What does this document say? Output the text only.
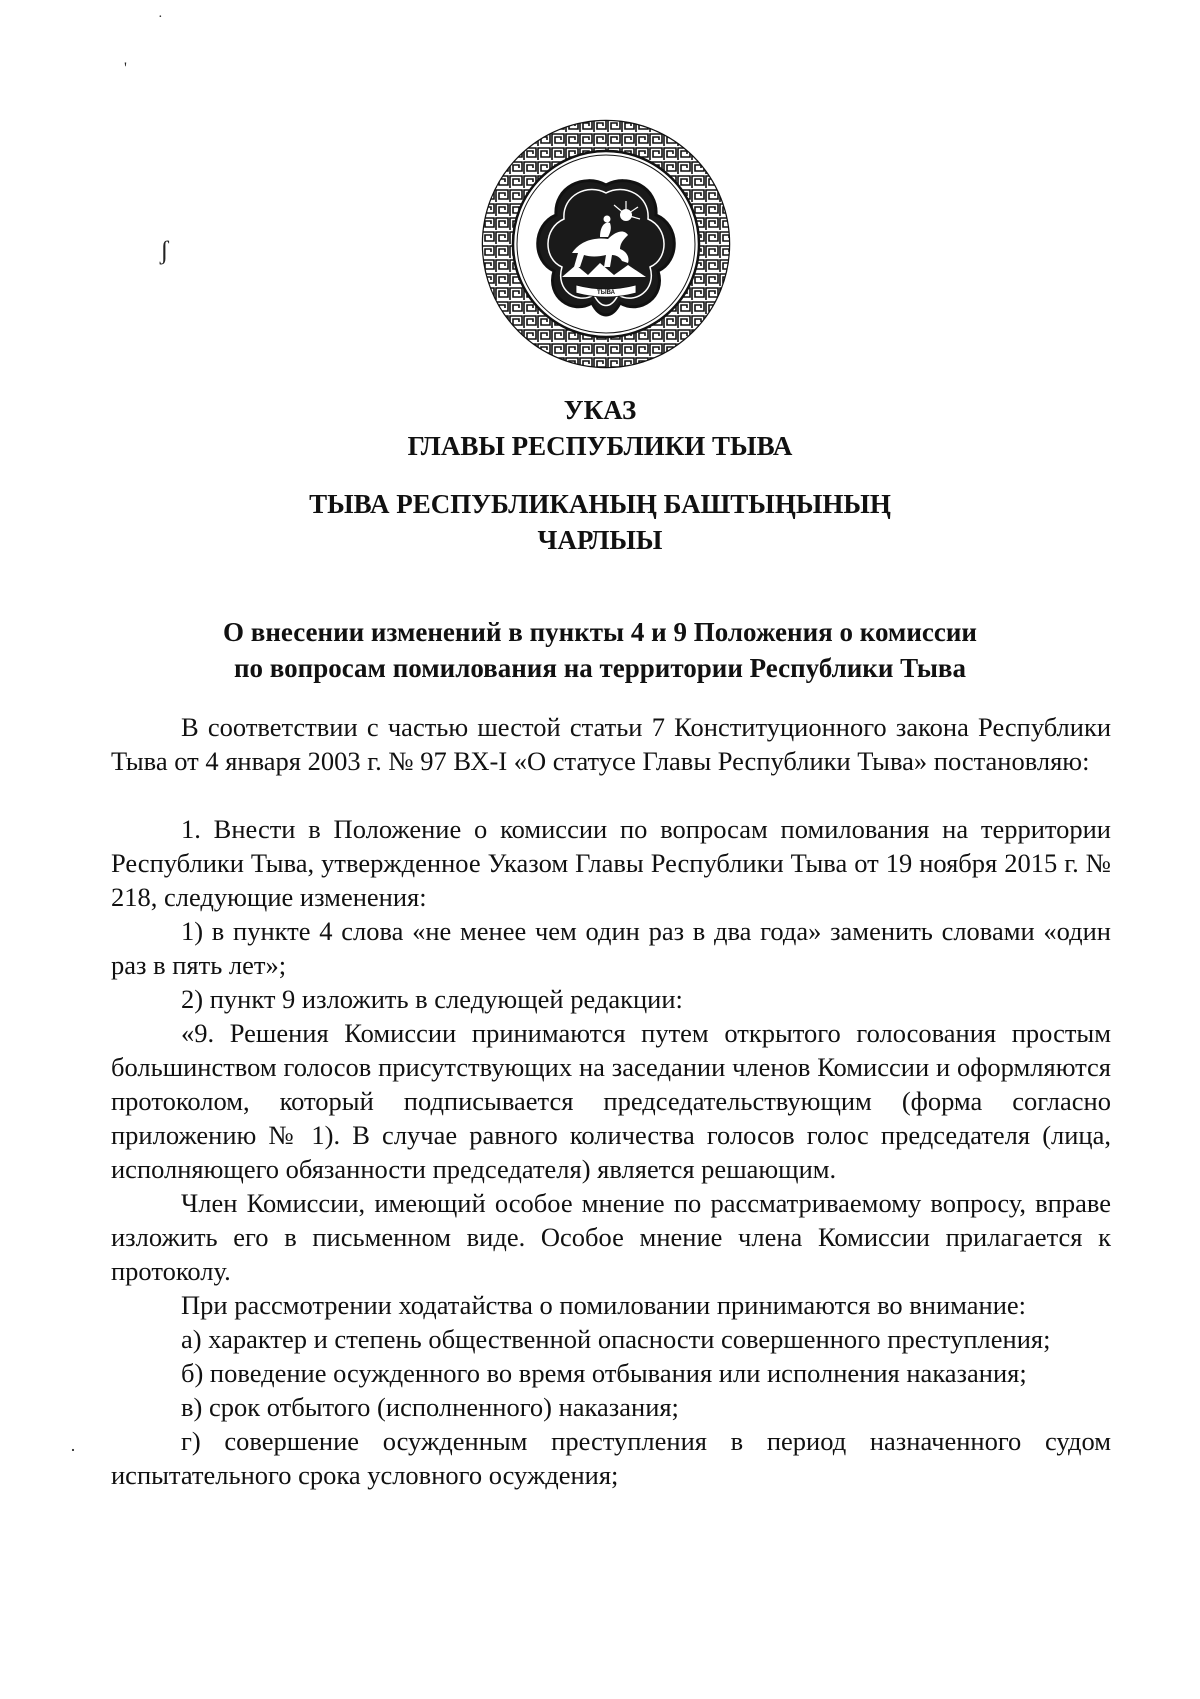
·
'
ʃ
·
ТЫВА
УКАЗ
ГЛАВЫ РЕСПУБЛИКИ ТЫВА
ТЫВА РЕСПУБЛИКАНЫҢ БАШТЫҢЫНЫҢ
ЧАРЛЫЫ
О внесении изменений в пункты 4 и 9 Положения о комиссии
по вопросам помилования на территории Республики Тыва

В соответствии с частью шестой статьи 7 Конституционного закона Республики Тыва от 4 января 2003 г. № 97 ВХ-I «О статусе Главы Республики Тыва» постановляю:

1. Внести в Положение о комиссии по вопросам помилования на территории Республики Тыва, утвержденное Указом Главы Республики Тыва от 19 ноября 2015 г. № 218, следующие изменения:

1) в пункте 4 слова «не менее чем один раз в два года» заменить словами «один раз в пять лет»;

2) пункт 9 изложить в следующей редакции:

«9. Решения Комиссии принимаются путем открытого голосования простым большинством голосов присутствующих на заседании членов Комиссии и оформляются протоколом, который подписывается председательствующим (форма согласно приложению № 1). В случае равного количества голосов голос председателя (лица, исполняющего обязанности председателя) является решающим.

Член Комиссии, имеющий особое мнение по рассматриваемому вопросу, вправе изложить его в письменном виде. Особое мнение члена Комиссии прилагается к протоколу.

При рассмотрении ходатайства о помиловании принимаются во внимание:

а) характер и степень общественной опасности совершенного преступления;

б) поведение осужденного во время отбывания или исполнения наказания;

в) срок отбытого (исполненного) наказания;

г) совершение осужденным преступления в период назначенного судом испытательного срока условного осуждения;
